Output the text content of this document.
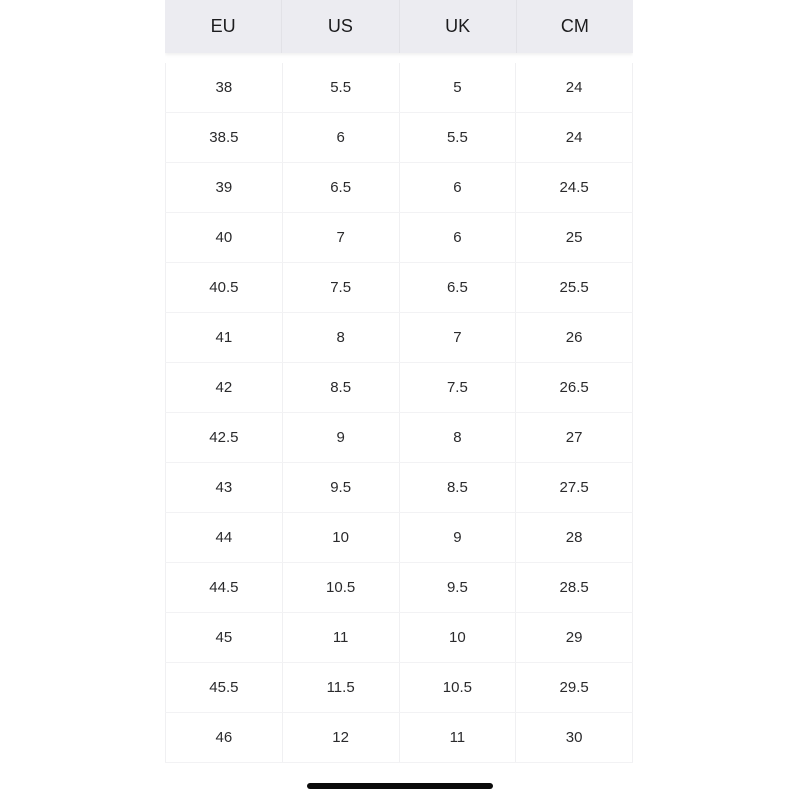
EU	US	UK	CM
38	5.5	5	24
38.5	6	5.5	24
39	6.5	6	24.5
40	7	6	25
40.5	7.5	6.5	25.5
41	8	7	26
42	8.5	7.5	26.5
42.5	9	8	27
43	9.5	8.5	27.5
44	10	9	28
44.5	10.5	9.5	28.5
45	11	10	29
45.5	11.5	10.5	29.5
46	12	11	30
